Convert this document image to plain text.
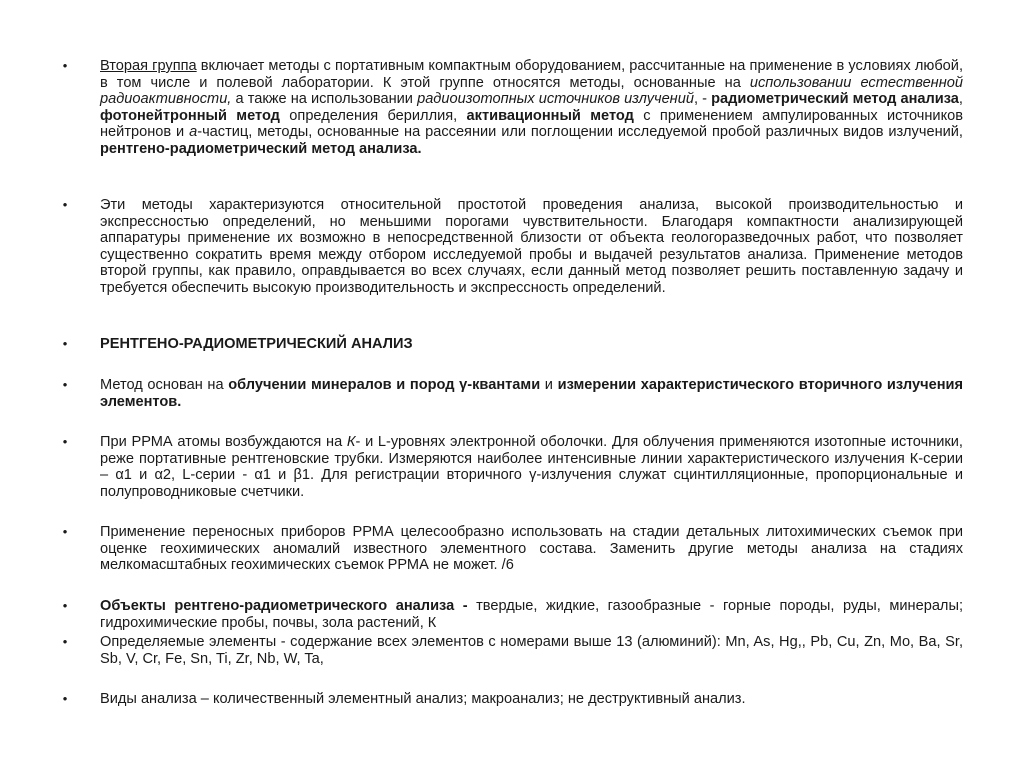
• Вторая группа включает методы с портативным компактным оборудованием, рассчитанные на применение в условиях любой, в том числе и полевой лаборатории. К этой группе относятся методы, основанные на использовании естественной радиоактивности, а также на использовании радиоизотопных источников излучений, - радиометрический метод анализа, фотонейтронный метод определения бериллия, активационный метод с применением ампулированных источников нейтронов и a-частиц, методы, основанные на рассеянии или поглощении исследуемой пробой различных видов излучений, рентгено-радиометрический метод анализа.
• Эти методы характеризуются относительной простотой проведения анализа, высокой производительностью и экспрессностью определений, но меньшими порогами чувствительности. Благодаря компактности анализирующей аппаратуры применение их возможно в непосредственной близости от объекта геологоразведочных работ, что позволяет существенно сократить время между отбором исследуемой пробы и выдачей результатов анализа. Применение методов второй группы, как правило, оправдывается во всех случаях, если данный метод позволяет решить поставленную задачу и требуется обеспечить высокую производительность и экспрессность определений.
• РЕНТГЕНО-РАДИОМЕТРИЧЕСКИЙ АНАЛИЗ
• Метод основан на облучении минералов и пород γ-квантами и измерении характеристического вторичного излучения элементов.
• При РРМА атомы возбуждаются на К- и L-уровнях электронной оболочки. Для облучения применяются изотопные источники, реже портативные рентгеновские трубки. Измеряются наиболее интенсивные линии характеристического излучения К-серии – α1 и α2, L-серии - α1 и β1. Для регистрации вторичного γ-излучения служат сцинтилляционные, пропорциональные и полупроводниковые счетчики.
• Применение переносных приборов РРМА целесообразно использовать на стадии детальных литохимических съемок при оценке геохимических аномалий известного элементного состава. Заменить другие методы анализа на стадиях мелкомасштабных геохимических съемок РРМА не может. /6
• Объекты рентгено-радиометрического анализа - твердые, жидкие, газообразные - горные породы, руды, минералы; гидрохимические пробы, почвы, зола растений, К
• Определяемые элементы - содержание всех элементов с номерами выше 13 (алюминий): Mn, As, Hg,, Pb, Cu, Zn, Mo, Ba, Sr, Sb, V, Cr, Fe, Sn, Ti, Zr, Nb, W, Ta,
• Виды анализа – количественный элементный анализ; макроанализ; не деструктивный анализ.
